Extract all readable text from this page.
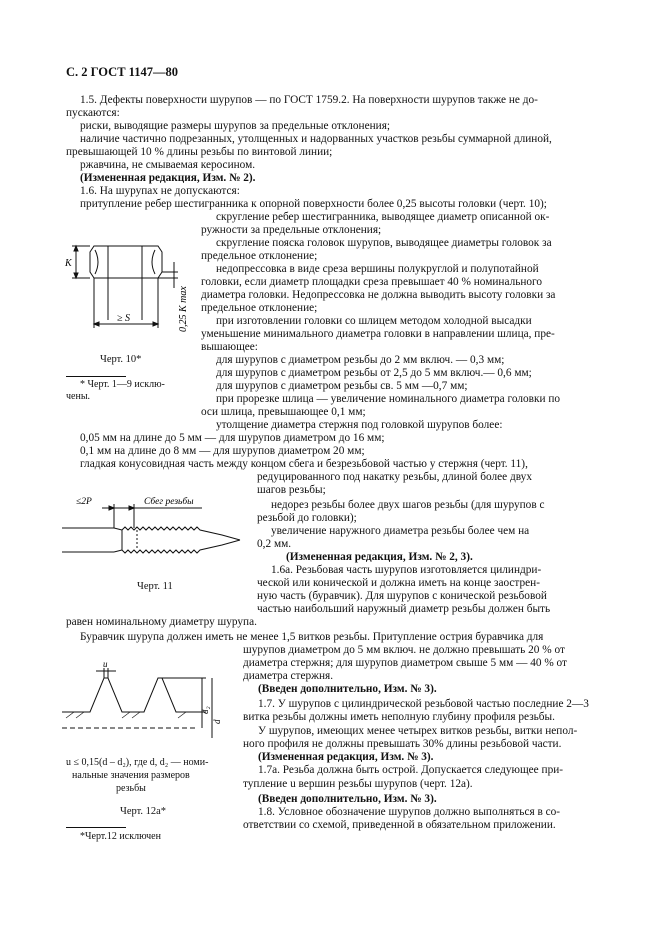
С. 2 ГОСТ 1147—80
1.5. Дефекты поверхности шурупов — по ГОСТ 1759.2. На поверхности шурупов также не до-
пускаются:
риски, выводящие размеры шурупов за предельные отклонения;
наличие частично подрезанных, утолщенных и надорванных участков резьбы суммарной длиной,
превышающей 10 % длины резьбы по винтовой линии;
ржавчина, не смываемая керосином.
(Измененная редакция, Изм. № 2).
1.6. На шурупах не допускаются:
притупление ребер шестигранника к опорной поверхности более 0,25 высоты головки (черт. 10);
скругление ребер шестигранника, выводящее диаметр описанной ок-
ружности за предельные отклонения;
скругление пояска головок шурупов, выводящее диаметры головок за
предельное отклонение;
недопрессовка в виде среза вершины полукруглой и полупотайной
головки, если диаметр площадки среза превышает 40 % номинального
диаметра головки. Недопрессовка не должна выводить высоту головки за
предельное отклонение;
при изготовлении головки со шлицем методом холодной высадки
уменьшение минимального диаметра головки в направлении шлица, пре-
вышающее:
для шурупов с диаметром резьбы до 2 мм включ. — 0,3 мм;
для шурупов с диаметром резьбы от 2,5 до 5 мм включ.— 0,6 мм;
для шурупов с диаметром резьбы св. 5 мм —0,7 мм;
при прорезке шлица — увеличение номинального диаметра головки по
оси шлица, превышающее 0,1 мм;
утолщение диаметра стержня под головкой шурупов более:
0,05 мм на длине до 5 мм — для шурупов диаметром до 16 мм;
0,1 мм на длине до 8 мм — для шурупов диаметром 20 мм;
гладкая конусовидная часть между концом сбега и безрезьбовой частью у стержня (черт. 11),
редуцированного под накатку резьбы, длиной более двух
шагов резьбы;
недорез резьбы более двух шагов резьбы (для шурупов с
резьбой до головки);
увеличение наружного диаметра резьбы более чем на
0,2 мм.
(Измененная редакция, Изм. № 2, 3).
1.6а. Резьбовая часть шурупов изготовляется цилиндри-
ческой или конической и должна иметь на конце заострен-
ную часть (буравчик). Для шурупов с конической резьбовой
частью наибольший наружный диаметр резьбы должен быть
равен номинальному диаметру шурупа.
Буравчик шурупа должен иметь не менее 1,5 витков резьбы. Притупление острия буравчика для
шурупов диаметром до 5 мм включ. не должно превышать 20 % от
диаметра стержня; для шурупов диаметром свыше 5 мм — 40 % от
диаметра стержня.
(Введен дополнительно, Изм. № 3).
1.7. У шурупов с цилиндрической резьбовой частью последние 2—3
витка резьбы должны иметь неполную глубину профиля резьбы.
У шурупов, имеющих менее четырех витков резьбы, витки непол-
ного профиля не должны превышать 30% длины резьбовой части.
(Измененная редакция, Изм. № 3).
1.7а. Резьба должна быть острой. Допускается следующее при-
тупление u вершин резьбы шурупов (черт. 12а).
(Введен дополнительно, Изм. № 3).
1.8. Условное обозначение шурупов должно выполняться в со-
ответствии со схемой, приведенной в обязательном приложении.
K
≥ S	0,25 K max
Черт. 10*
* Черт. 1—9 исклю-
чены.
≤2P	Сбег резьбы
Черт. 11
u
d₂
d
u ≤ 0,15(d – d₂), где d, d₂ — номи-
нальные значения размеров
резьбы
Черт. 12а*
*Черт.12 исключен
